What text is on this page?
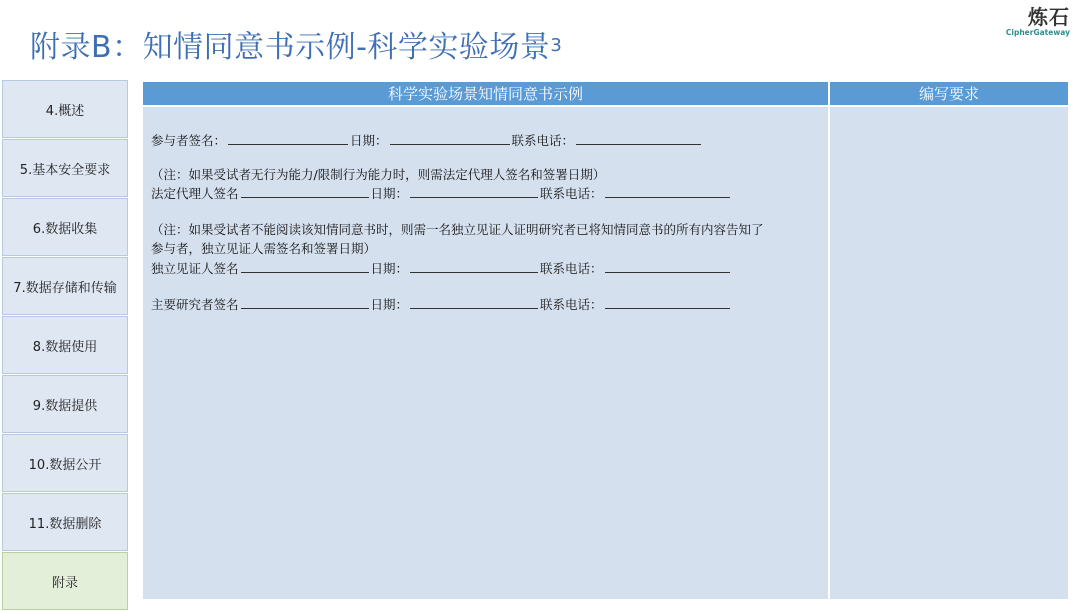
附录B：知情同意书示例-科学实验场景$^3$
炼石
CipherGateway
4.概述
5.基本安全要求
6.数据收集
7.数据存储和传输
8.数据使用
9.数据提供
10.数据公开
11.数据删除
附录
科学实验场景知情同意书示例	编写要求
参与者签名：	日期：	联系电话：
（注：如果受试者无行为能力/限制行为能力时，则需法定代理人签名和签署日期）
法定代理人签名	日期：	联系电话：
（注：如果受试者不能阅读该知情同意书时，则需一名独立见证人证明研究者已将知情同意书的所有内容告知了
参与者，独立见证人需签名和签署日期）
独立见证人签名	日期：	联系电话：
主要研究者签名	日期：	联系电话：
